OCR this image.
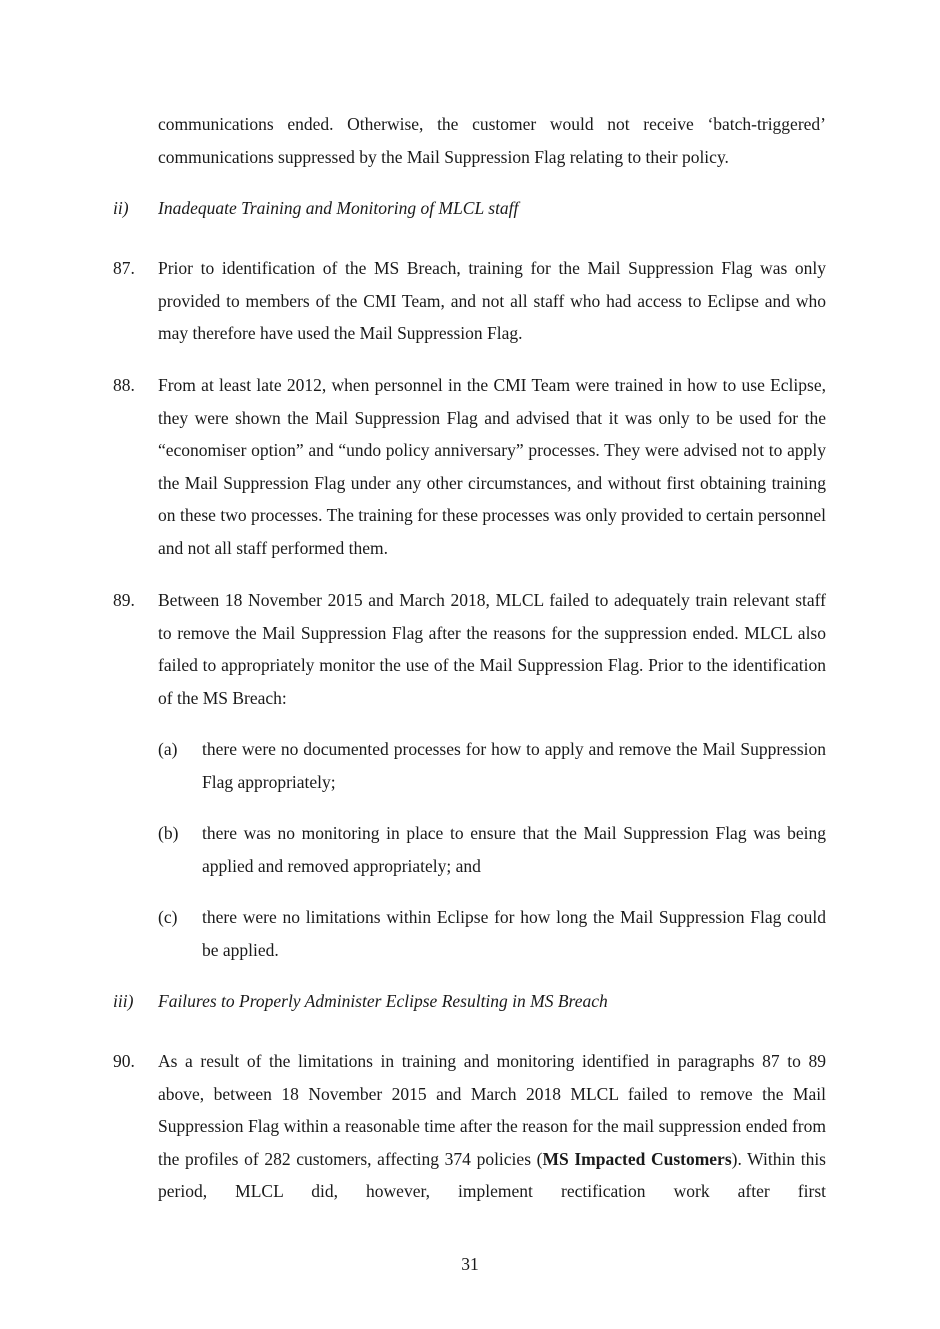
communications ended. Otherwise, the customer would not receive ‘batch-triggered’ communications suppressed by the Mail Suppression Flag relating to their policy.
ii) Inadequate Training and Monitoring of MLCL staff
87. Prior to identification of the MS Breach, training for the Mail Suppression Flag was only provided to members of the CMI Team, and not all staff who had access to Eclipse and who may therefore have used the Mail Suppression Flag.
88. From at least late 2012, when personnel in the CMI Team were trained in how to use Eclipse, they were shown the Mail Suppression Flag and advised that it was only to be used for the “economiser option” and “undo policy anniversary” processes. They were advised not to apply the Mail Suppression Flag under any other circumstances, and without first obtaining training on these two processes. The training for these processes was only provided to certain personnel and not all staff performed them.
89. Between 18 November 2015 and March 2018, MLCL failed to adequately train relevant staff to remove the Mail Suppression Flag after the reasons for the suppression ended. MLCL also failed to appropriately monitor the use of the Mail Suppression Flag. Prior to the identification of the MS Breach:
(a) there were no documented processes for how to apply and remove the Mail Suppression Flag appropriately;
(b) there was no monitoring in place to ensure that the Mail Suppression Flag was being applied and removed appropriately; and
(c) there were no limitations within Eclipse for how long the Mail Suppression Flag could be applied.
iii) Failures to Properly Administer Eclipse Resulting in MS Breach
90. As a result of the limitations in training and monitoring identified in paragraphs 87 to 89 above, between 18 November 2015 and March 2018 MLCL failed to remove the Mail Suppression Flag within a reasonable time after the reason for the mail suppression ended from the profiles of 282 customers, affecting 374 policies (MS Impacted Customers). Within this period, MLCL did, however, implement rectification work after first
31
